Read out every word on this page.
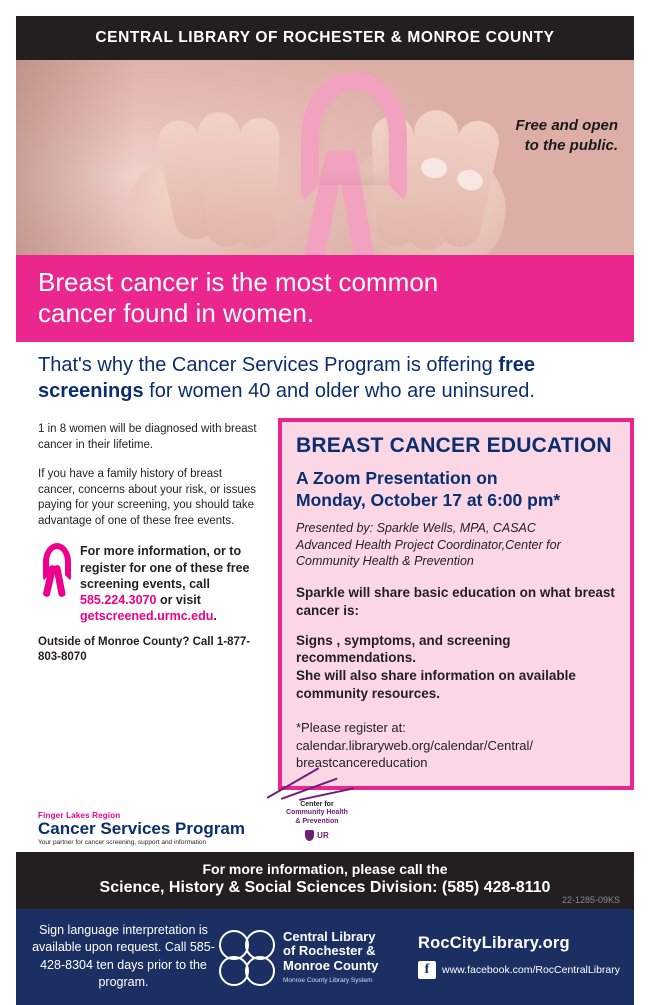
CENTRAL LIBRARY OF ROCHESTER & MONROE COUNTY
Free and open
to the public.
Breast cancer is the most common
cancer found in women.
That's why the Cancer Services Program is offering free screenings for women 40 and older who are uninsured.

1 in 8 women will be diagnosed with breast cancer in their lifetime.

If you have a family history of breast cancer, concerns about your risk, or issues paying for your screening, you should take advantage of one of these free events.

For more information, or to register for one of these free screening events, call
585.224.3070 or visit
getscreened.urmc.edu.
Outside of Monroe County? Call 1-877-803-8070
BREAST CANCER EDUCATION
A Zoom Presentation on
Monday, October 17 at 6:00 pm*
Presented by: Sparkle Wells, MPA, CASAC
Advanced Health Project Coordinator,Center for
Community Health & Prevention

Sparkle will share basic education on what breast cancer is:

Signs , symptoms, and screening recommendations.
She will also share information on available community resources.

*Please register at:
calendar.libraryweb.org/calendar/Central/
breastcancereducation
Finger Lakes Region
Cancer Services Program
Your partner for cancer screening, support and information
Center for
Community Health
& Prevention
UR
For more information, please call the
Science, History & Social Sciences Division: (585) 428-8110
22-1285-09KS
Sign language interpretation is available upon request. Call 585-428-8304 ten days prior to the program.
Central Library
of Rochester &
Monroe County
Monroe County Library System
RocCityLibrary.org
f	www.facebook.com/RocCentralLibrary
